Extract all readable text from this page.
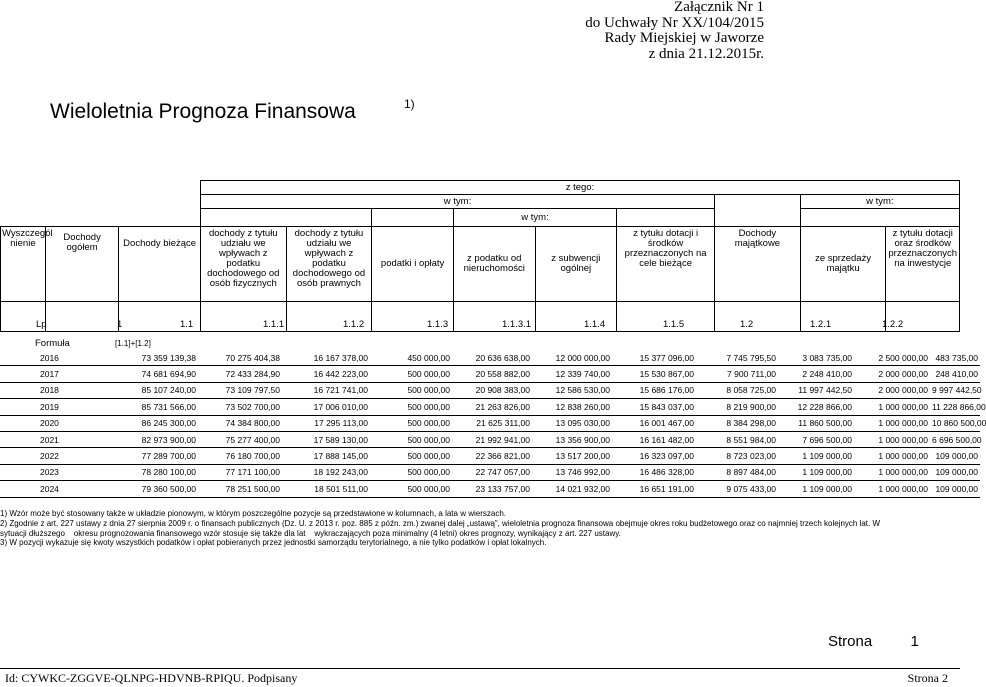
Załącznik Nr 1
do Uchwały Nr XX/104/2015
Rady Miejskiej w Jaworze
z dnia 21.12.2015r.
Wieloletnia Prognoza Finansowa	1)
			z tego:								
			w tym:							w tym:	
						w tym:					
Wyszczegól nienie	Dochody ogółem	Dochody bieżące	dochody z tytułu udziału we wpływach z podatku dochodowego od osób fizycznych	dochody z tytułu udziału we wpływach z podatku dochodowego od osób prawnych	podatki i opłaty	z podatku od nieruchomości	z subwencji ogólnej	z tytułu dotacji i środków przeznaczonych na cele bieżące	Dochody majątkowe	ze sprzedaży majątku	z tytułu dotacji oraz środków przeznaczonych na inwestycje

Lp	1	1.1	1.1.1	1.1.2	1.1.3	1.1.3.1	1.1.4	1.1.5	1.2	1.2.1	1.2.2
Formuła	[1.1]+[1.2]
2016	73 359 139,38	70 275 404,38	16 167 378,00	450 000,00	20 636 638,00	12 000 000,00	15 377 096,00	7 745 795,50	3 083 735,00	2 500 000,00	483 735,00
2017	74 681 694,90	72 433 284,90	16 442 223,00	500 000,00	20 558 882,00	12 339 740,00	15 530 867,00	7 900 711,00	2 248 410,00	2 000 000,00	248 410,00
2018	85 107 240,00	73 109 797,50	16 721 741,00	500 000,00	20 908 383,00	12 586 530,00	15 686 176,00	8 058 725,00	11 997 442,50	2 000 000,00	9 997 442,50
2019	85 731 566,00	73 502 700,00	17 006 010,00	500 000,00	21 263 826,00	12 838 260,00	15 843 037,00	8 219 900,00	12 228 866,00	1 000 000,00	11 228 866,00
2020	86 245 300,00	74 384 800,00	17 295 113,00	500 000,00	21 625 311,00	13 095 030,00	16 001 467,00	8 384 298,00	11 860 500,00	1 000 000,00	10 860 500,00
2021	82 973 900,00	75 277 400,00	17 589 130,00	500 000,00	21 992 941,00	13 356 900,00	16 161 482,00	8 551 984,00	7 696 500,00	1 000 000,00	6 696 500,00
2022	77 289 700,00	76 180 700,00	17 888 145,00	500 000,00	22 366 821,00	13 517 200,00	16 323 097,00	8 723 023,00	1 109 000,00	1 000 000,00	109 000,00
2023	78 280 100,00	77 171 100,00	18 192 243,00	500 000,00	22 747 057,00	13 746 992,00	16 486 328,00	8 897 484,00	1 109 000,00	1 000 000,00	109 000,00
2024	79 360 500,00	78 251 500,00	18 501 511,00	500 000,00	23 133 757,00	14 021 932,00	16 651 191,00	9 075 433,00	1 109 000,00	1 000 000,00	109 000,00
1) Wzór może być stosowany także w układzie pionowym, w którym poszczególne pozycje są przedstawione w kolumnach, a lata w wierszach.
2) Zgodnie z art. 227 ustawy z dnia 27 sierpnia 2009 r. o finansach publicznych (Dz. U. z 2013 r. poz. 885 z późn. zm.) zwanej dalej „ustawą”, wieloletnia prognoza finansowa obejmuje okres roku budżetowego oraz co najmniej trzech kolejnych lat. W
sytuacji dłuższego    okresu prognozowania finansowego wzór stosuje się także dla lat    wykraczających poza minimalny (4 letni) okres prognozy, wynikający z art. 227 ustawy.
3) W pozycji wykazuje się kwoty wszystkich podatków i opłat pobieranych przez jednostki samorządu terytorialnego, a nie tylko podatków i opłat lokalnych.
Strona	1
Id: CYWKC-ZGGVE-QLNPG-HDVNB-RPIQU. Podpisany	Strona 2
